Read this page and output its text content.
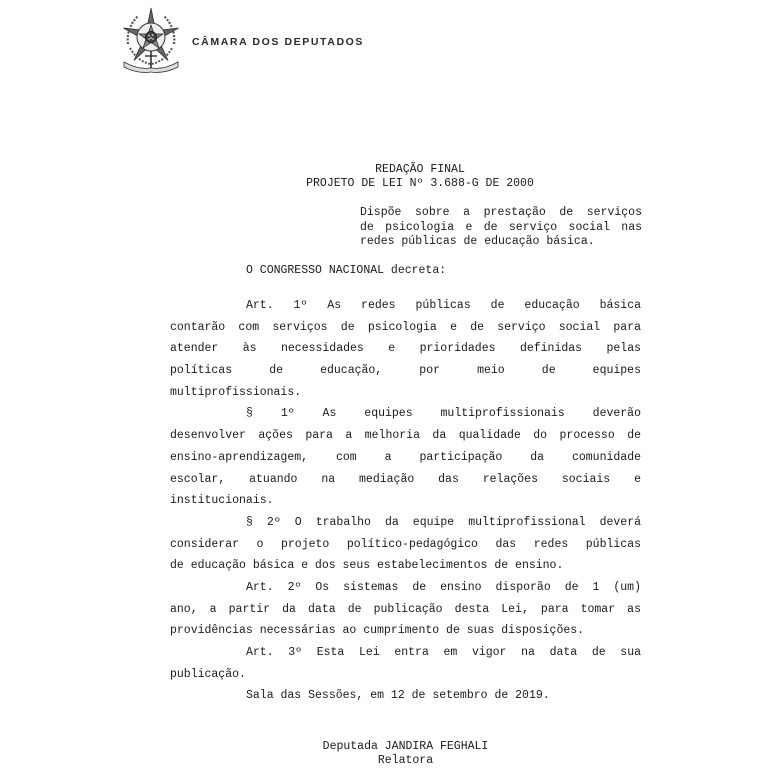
CÂMARA DOS DEPUTADOS
REDAÇÃO FINAL
PROJETO DE LEI Nº 3.688-G DE 2000
Dispõe sobre a prestação de serviços
de psicologia e de serviço social nas
redes públicas de educação básica.
O CONGRESSO NACIONAL decreta:
Art. 1º As redes públicas de educação básica
contarão com serviços de psicologia e de serviço social para
atender às necessidades e prioridades definidas pelas
políticas de educação, por meio de equipes
multiprofissionais.
§ 1º As equipes multiprofissionais deverão
desenvolver ações para a melhoria da qualidade do processo de
ensino-aprendizagem, com a participação da comunidade
escolar, atuando na mediação das relações sociais e
institucionais.
§ 2º O trabalho da equipe multiprofissional deverá
considerar o projeto político-pedagógico das redes públicas
de educação básica e dos seus estabelecimentos de ensino.
Art. 2º Os sistemas de ensino disporão de 1 (um)
ano, a partir da data de publicação desta Lei, para tomar as
providências necessárias ao cumprimento de suas disposições.
Art. 3º Esta Lei entra em vigor na data de sua
publicação.
Sala das Sessões, em 12 de setembro de 2019.
Deputada JANDIRA FEGHALI
Relatora
